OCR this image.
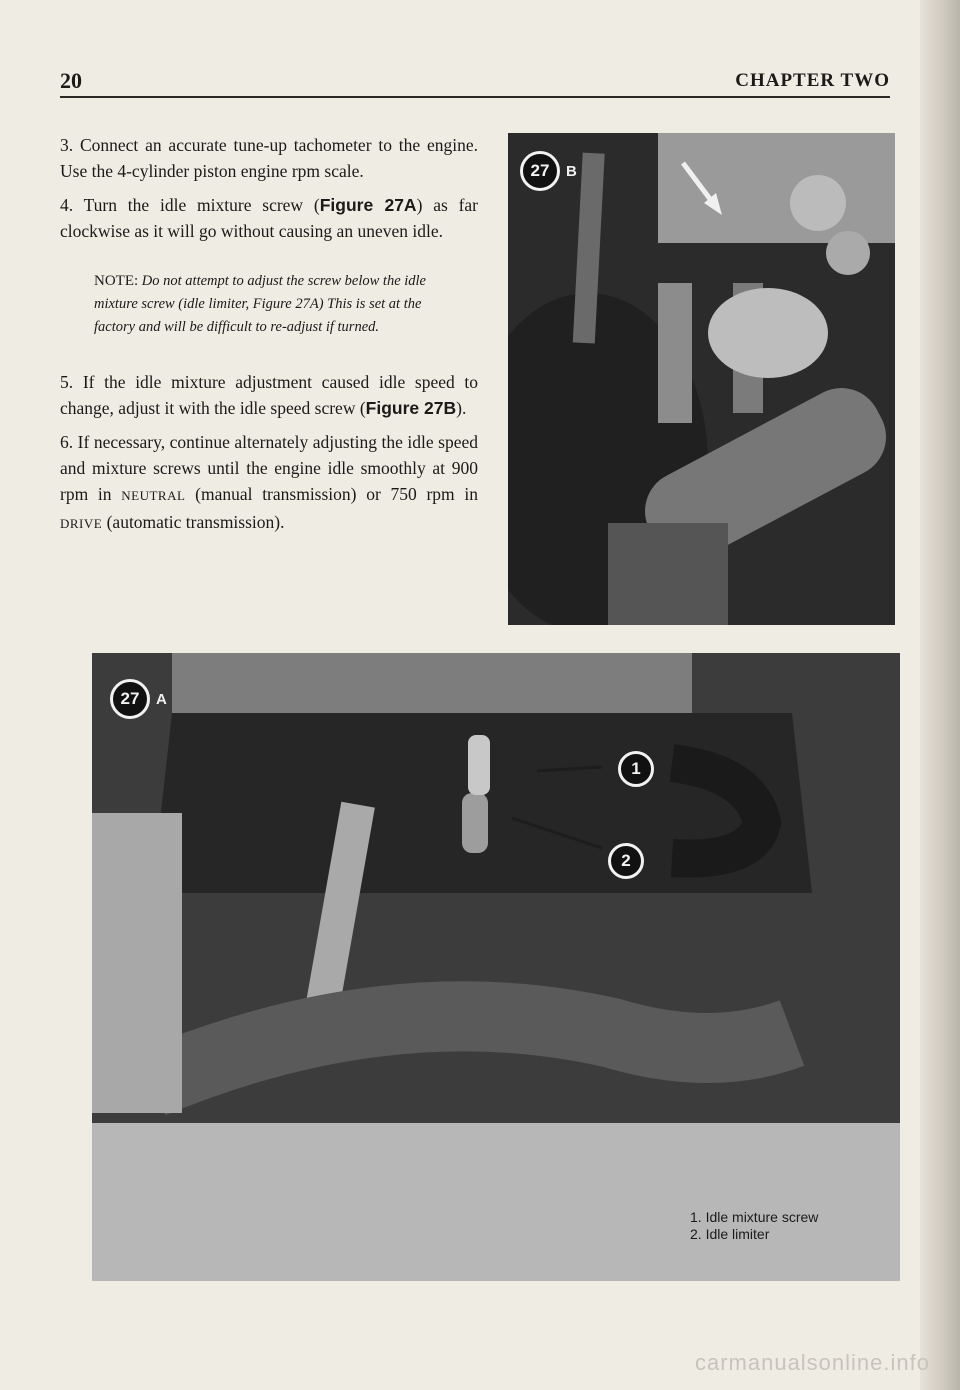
20	CHAPTER TWO

3. Connect an accurate tune-up tachometer to the engine. Use the 4-cylinder piston engine rpm scale.

4. Turn the idle mixture screw (Figure 27A) as far clockwise as it will go without causing an uneven idle.

NOTE: Do not attempt to adjust the screw below the idle mixture screw (idle limiter, Figure 27A) This is set at the factory and will be difficult to re-adjust if turned.

5. If the idle mixture adjustment caused idle speed to change, adjust it with the idle speed screw (Figure 27B).

6. If necessary, continue alternately adjusting the idle speed and mixture screws until the engine idle smoothly at 900 rpm in NEUTRAL (manual transmission) or 750 rpm in DRIVE (automatic transmission).

27	B
27	A
1
2
1. Idle mixture screw
2. Idle limiter
carmanualsonline.info
